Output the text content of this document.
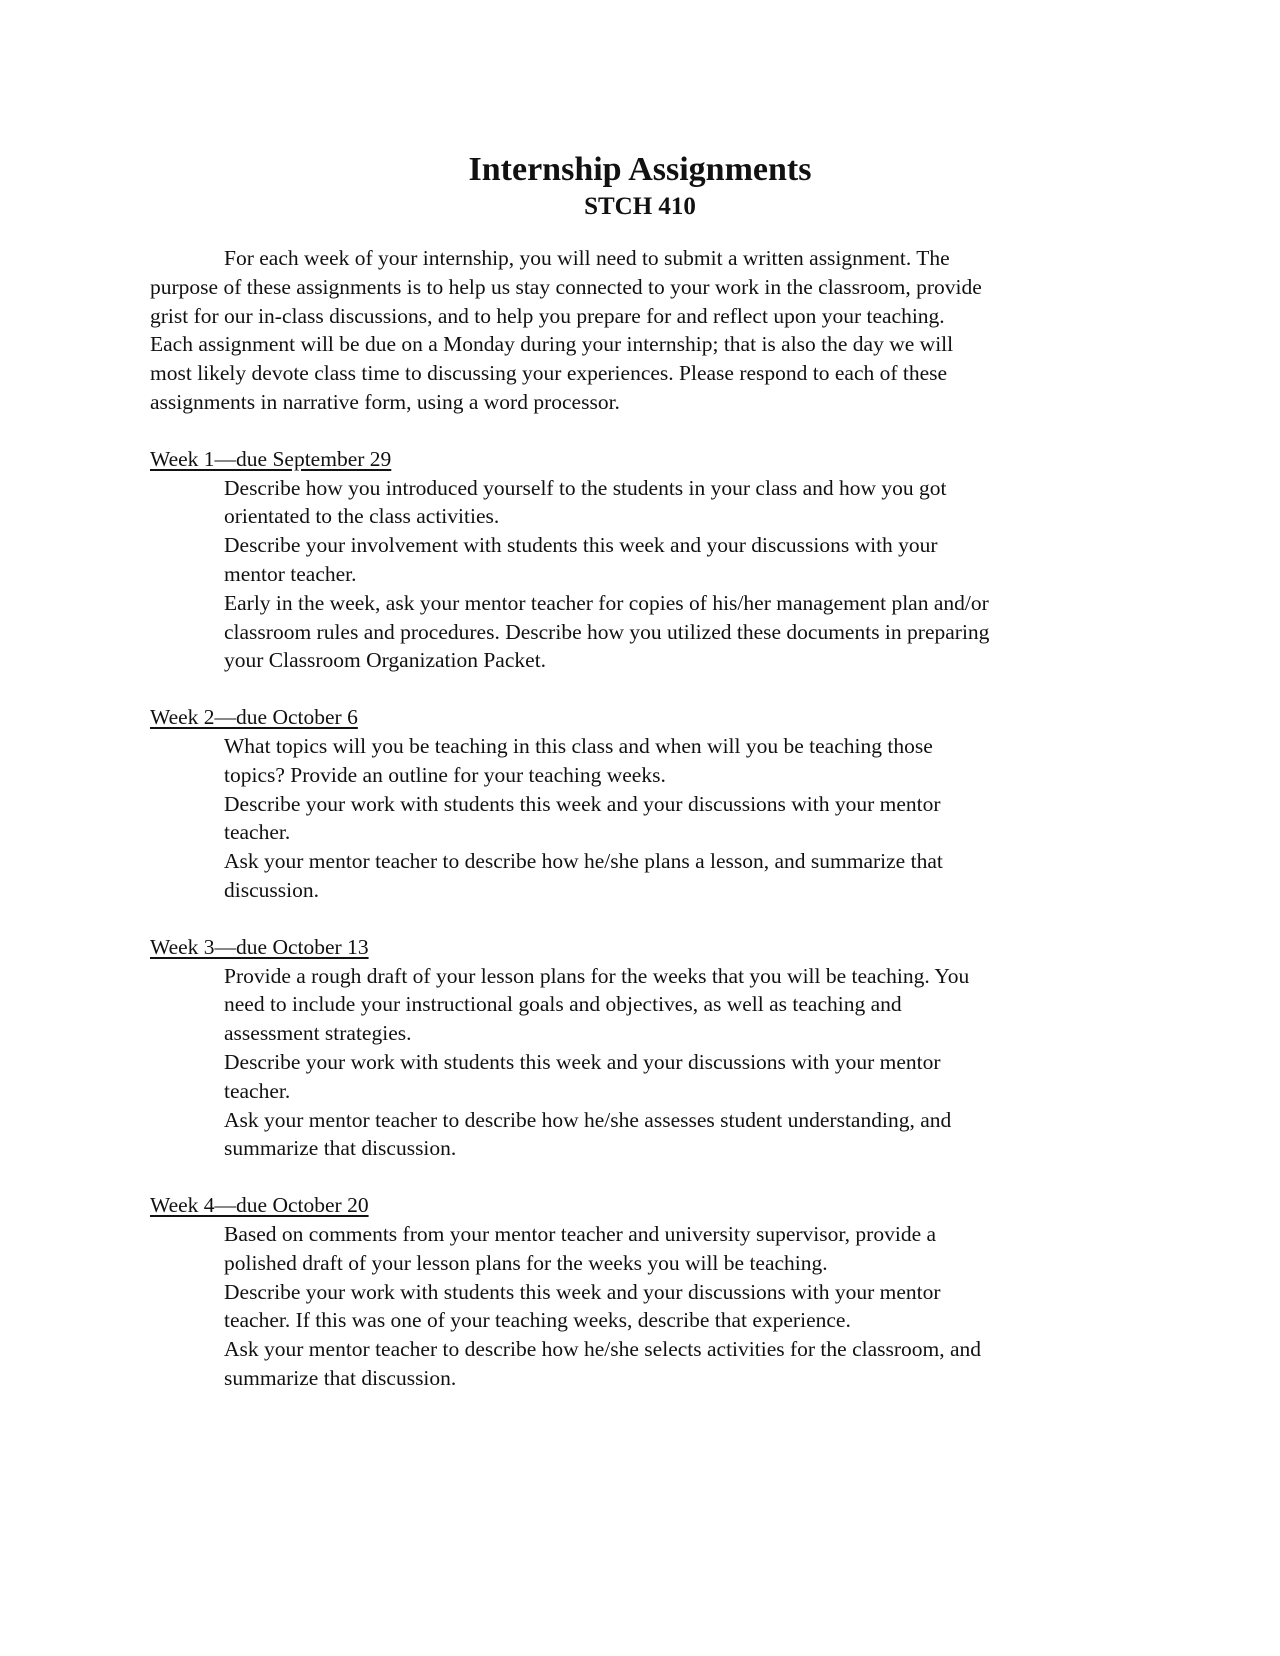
Internship Assignments
STCH 410

For each week of your internship, you will need to submit a written assignment. The
purpose of these assignments is to help us stay connected to your work in the classroom, provide
grist for our in-class discussions, and to help you prepare for and reflect upon your teaching.
Each assignment will be due on a Monday during your internship; that is also the day we will
most likely devote class time to discussing your experiences. Please respond to each of these
assignments in narrative form, using a word processor.

Week 1—due September 29
Describe how you introduced yourself to the students in your class and how you got
orientated to the class activities.
Describe your involvement with students this week and your discussions with your
mentor teacher.
Early in the week, ask your mentor teacher for copies of his/her management plan and/or
classroom rules and procedures. Describe how you utilized these documents in preparing
your Classroom Organization Packet.
Week 2—due October 6
What topics will you be teaching in this class and when will you be teaching those
topics? Provide an outline for your teaching weeks.
Describe your work with students this week and your discussions with your mentor
teacher.
Ask your mentor teacher to describe how he/she plans a lesson, and summarize that
discussion.
Week 3—due October 13
Provide a rough draft of your lesson plans for the weeks that you will be teaching. You
need to include your instructional goals and objectives, as well as teaching and
assessment strategies.
Describe your work with students this week and your discussions with your mentor
teacher.
Ask your mentor teacher to describe how he/she assesses student understanding, and
summarize that discussion.
Week 4—due October 20
Based on comments from your mentor teacher and university supervisor, provide a
polished draft of your lesson plans for the weeks you will be teaching.
Describe your work with students this week and your discussions with your mentor
teacher. If this was one of your teaching weeks, describe that experience.
Ask your mentor teacher to describe how he/she selects activities for the classroom, and
summarize that discussion.
